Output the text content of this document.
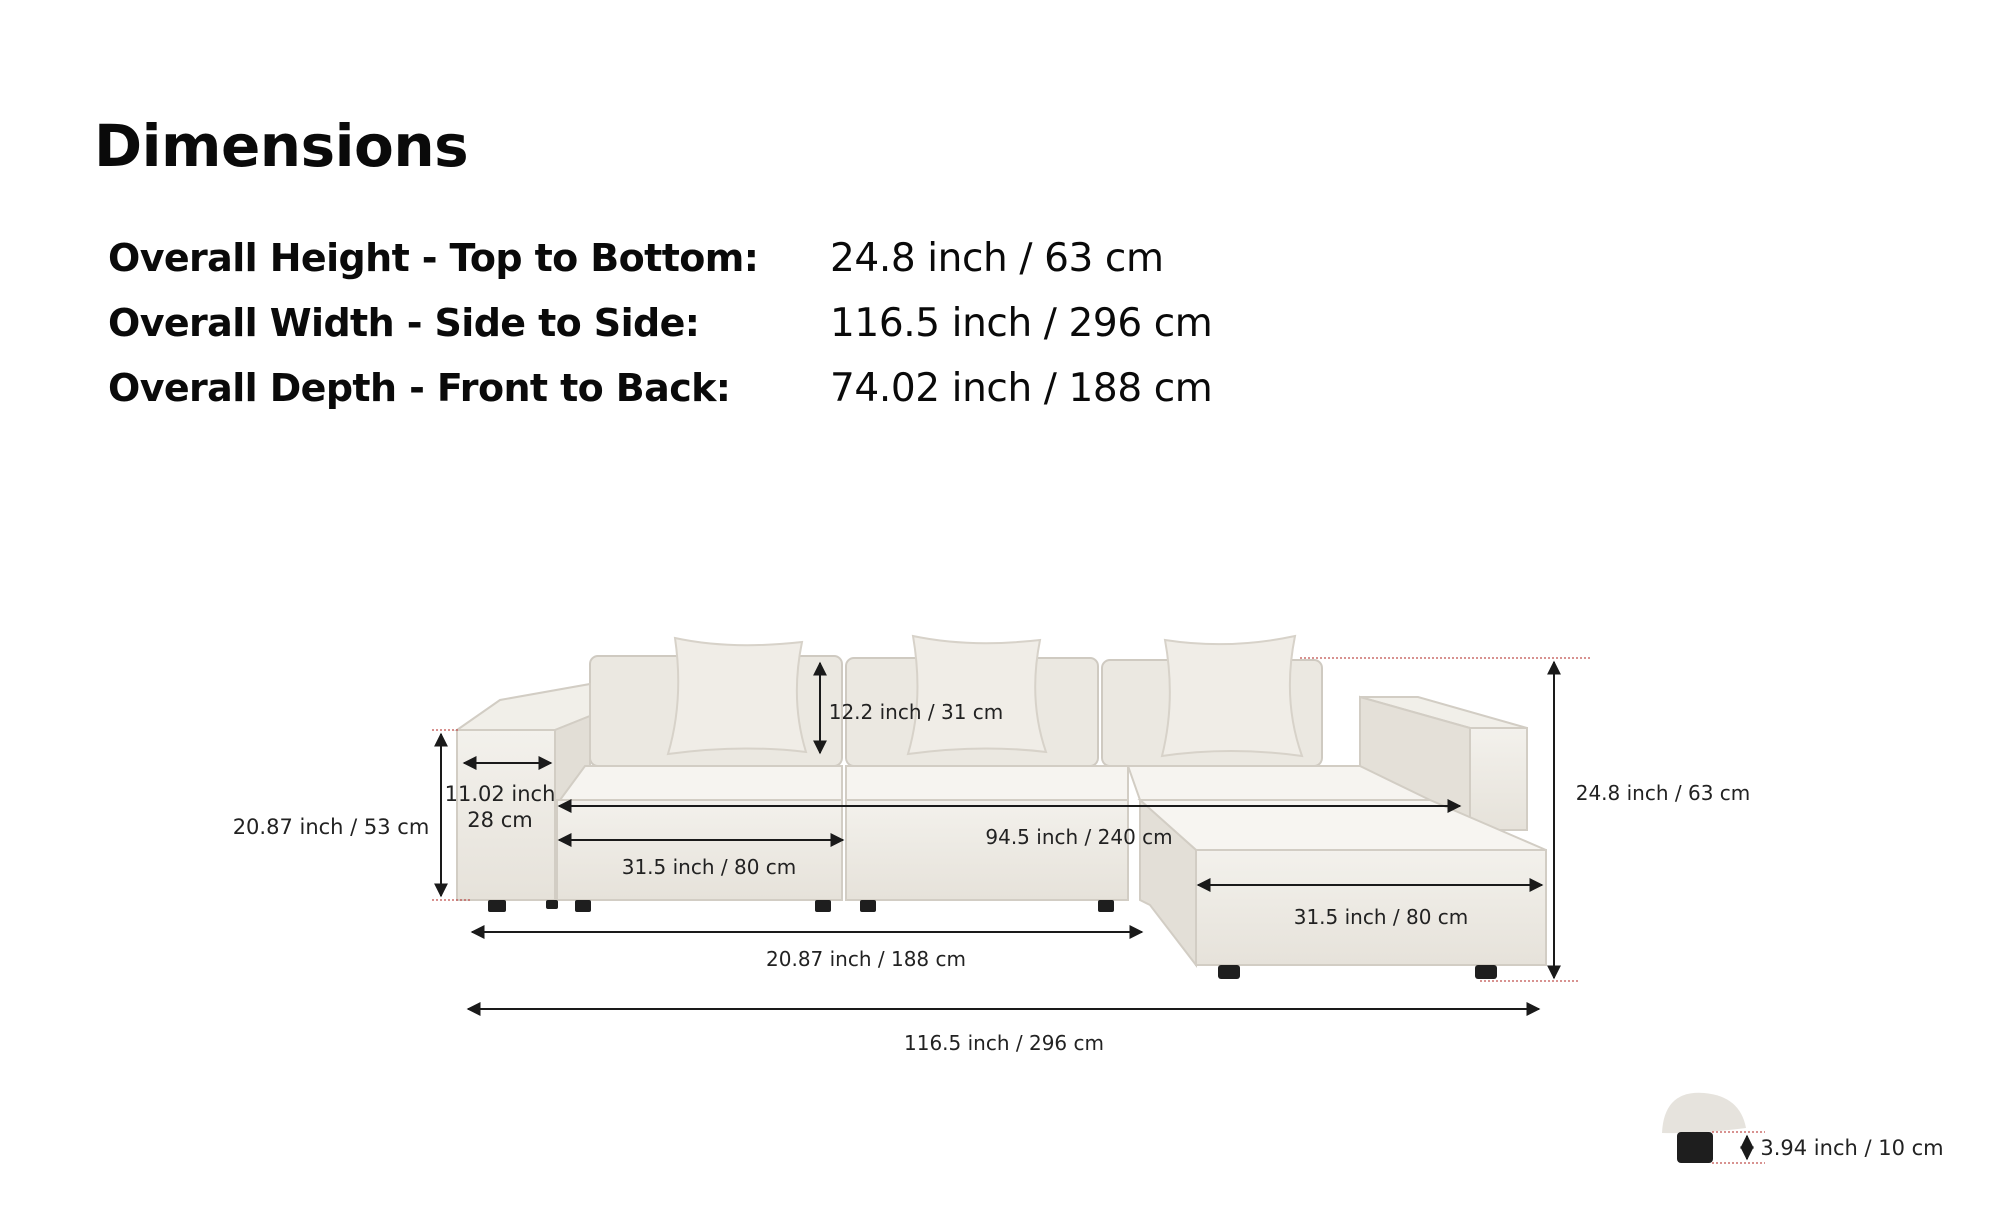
Dimensions
Overall Height - Top to Bottom: 24.8 inch / 63 cm
Overall Width - Side to Side:	116.5 inch / 296 cm
Overall Depth - Front to Back:	74.02 inch / 188 cm
20.87 inch / 53 cm
11.02 inch
28 cm
12.2 inch / 31 cm
94.5 inch / 240 cm
31.5 inch / 80 cm
31.5 inch / 80 cm
24.8 inch / 63 cm
20.87 inch / 188 cm
116.5 inch / 296 cm
3.94 inch / 10 cm
